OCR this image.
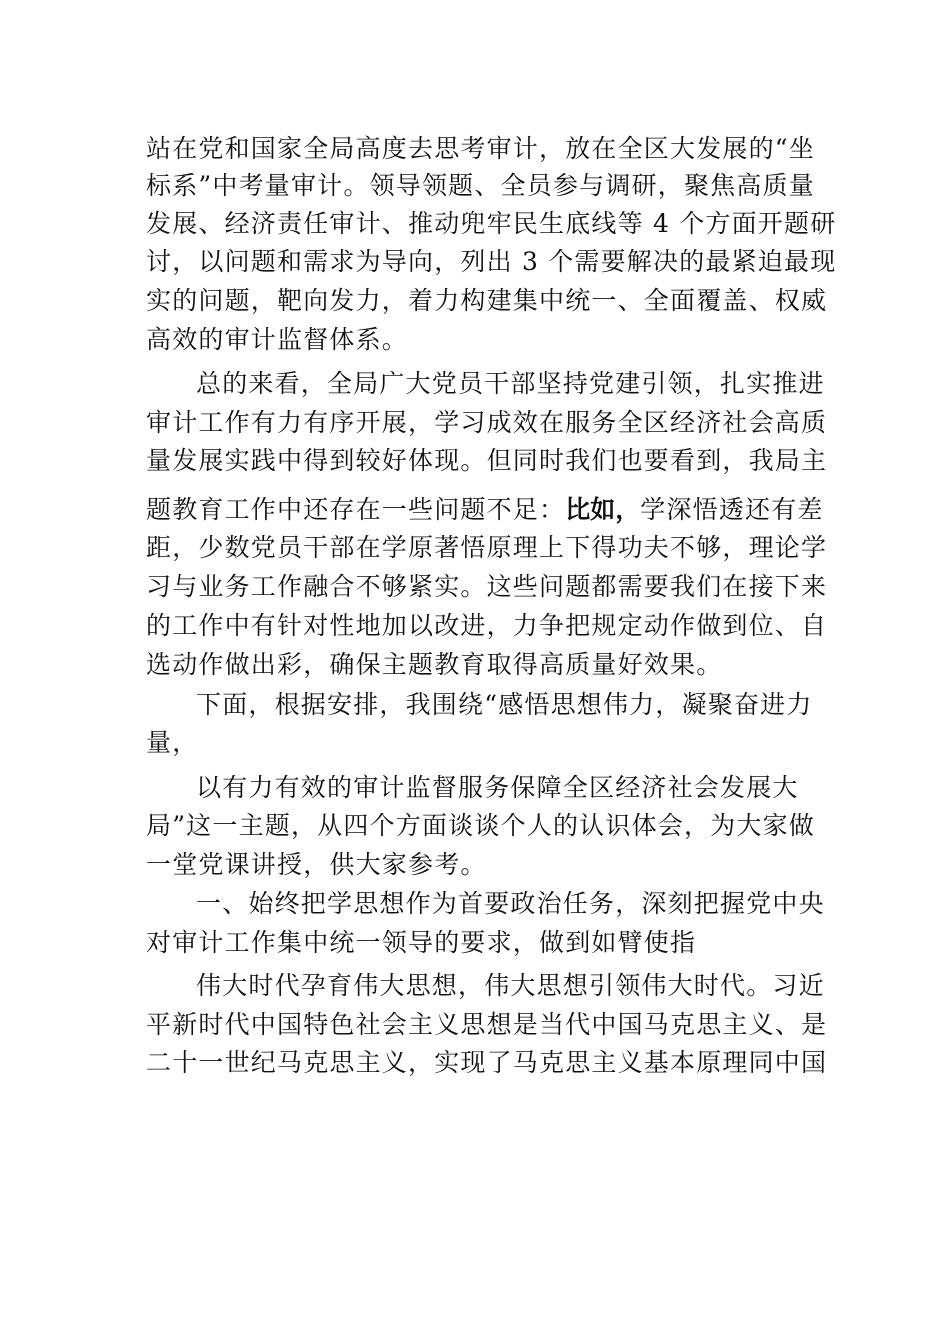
站在党和国家全局高度去思考审计，放在全区大发展的“坐
标系”中考量审计。领导领题、全员参与调研，聚焦高质量
发展、经济责任审计、推动兜牢民生底线等 4 个方面开题研
讨，以问题和需求为导向，列出 3 个需要解决的最紧迫最现
实的问题，靶向发力，着力构建集中统一、全面覆盖、权威
高效的审计监督体系。
总的来看，全局广大党员干部坚持党建引领，扎实推进
审计工作有力有序开展，学习成效在服务全区经济社会高质
量发展实践中得到较好体现。但同时我们也要看到，我局主
题教育工作中还存在一些问题不足：比如，学深悟透还有差
距，少数党员干部在学原著悟原理上下得功夫不够，理论学
习与业务工作融合不够紧实。这些问题都需要我们在接下来
的工作中有针对性地加以改进，力争把规定动作做到位、自
选动作做出彩，确保主题教育取得高质量好效果。
下面，根据安排，我围绕“感悟思想伟力，凝聚奋进力
量，
以有力有效的审计监督服务保障全区经济社会发展大
局”这一主题，从四个方面谈谈个人的认识体会，为大家做
一堂党课讲授，供大家参考。
一、始终把学思想作为首要政治任务，深刻把握党中央
对审计工作集中统一领导的要求，做到如臂使指
伟大时代孕育伟大思想，伟大思想引领伟大时代。习近
平新时代中国特色社会主义思想是当代中国马克思主义、是
二十一世纪马克思主义，实现了马克思主义基本原理同中国
